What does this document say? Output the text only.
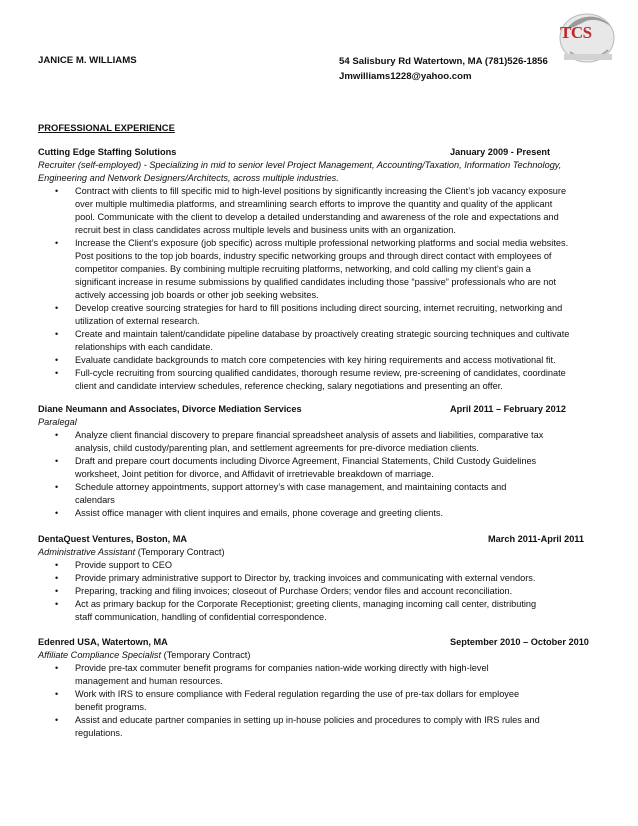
TCS
JANICE M. WILLIAMS	54 Salisbury Rd Watertown, MA (781)526-1856
Jmwilliams1228@yahoo.com
PROFESSIONAL EXPERIENCE
Cutting Edge Staffing Solutions	January 2009 - Present
Recruiter (self-employed) - Specializing in mid to senior level Project Management, Accounting/Taxation, Information Technology,
Engineering and Network Designers/Architects, across multiple industries.
• Contract with clients to fill specific mid to high-level positions by significantly increasing the Client’s job vacancy exposure
over multiple multimedia platforms, and streamlining search efforts to improve the quantity and quality of the applicant
pool. Communicate with the client to develop a detailed understanding and awareness of the role and expectations and
recruit best in class candidates across multiple levels and business units with an organization.
• Increase the Client’s exposure (job specific) across multiple professional networking platforms and social media websites.
Post positions to the top job boards, industry specific networking groups and through direct contact with employees of
competitor companies. By combining multiple recruiting platforms, networking, and cold calling my client’s gain a
significant increase in resume submissions by qualified candidates including those “passive” professionals who are not
actively accessing job boards or other job seeking websites.
• Develop creative sourcing strategies for hard to fill positions including direct sourcing, internet recruiting, networking and
utilization of external research.
• Create and maintain talent/candidate pipeline database by proactively creating strategic sourcing techniques and cultivate
relationships with each candidate.
• Evaluate candidate backgrounds to match core competencies with key hiring requirements and access motivational fit.
• Full-cycle recruiting from sourcing qualified candidates, thorough resume review, pre-screening of candidates, coordinate
client and candidate interview schedules, reference checking, salary negotiations and presenting an offer.
Diane Neumann and Associates, Divorce Mediation Services	April 2011 – February 2012
Paralegal
• Analyze client financial discovery to prepare financial spreadsheet analysis of assets and liabilities, comparative tax
analysis, child custody/parenting plan, and settlement agreements for pre-divorce mediation clients.
• Draft and prepare court documents including Divorce Agreement, Financial Statements, Child Custody Guidelines
worksheet, Joint petition for divorce, and Affidavit of irretrievable breakdown of marriage.
• Schedule attorney appointments, support attorney’s with case management, and maintaining contacts and
calendars
• Assist office manager with client inquires and emails, phone coverage and greeting clients.
DentaQuest Ventures, Boston, MA	March 2011-April 2011
Administrative Assistant (Temporary Contract)
• Provide support to CEO
• Provide primary administrative support to Director by, tracking invoices and communicating with external vendors.
• Preparing, tracking and filing invoices; closeout of Purchase Orders; vendor files and account reconciliation.
• Act as primary backup for the Corporate Receptionist; greeting clients, managing incoming call center, distributing
staff communication, handling of confidential correspondence.
Edenred USA, Watertown, MA	September 2010 – October 2010
Affiliate Compliance Specialist (Temporary Contract)
• Provide pre-tax commuter benefit programs for companies nation-wide working directly with high-level
management and human resources.
• Work with IRS to ensure compliance with Federal regulation regarding the use of pre-tax dollars for employee
benefit programs.
• Assist and educate partner companies in setting up in-house policies and procedures to comply with IRS rules and
regulations.
